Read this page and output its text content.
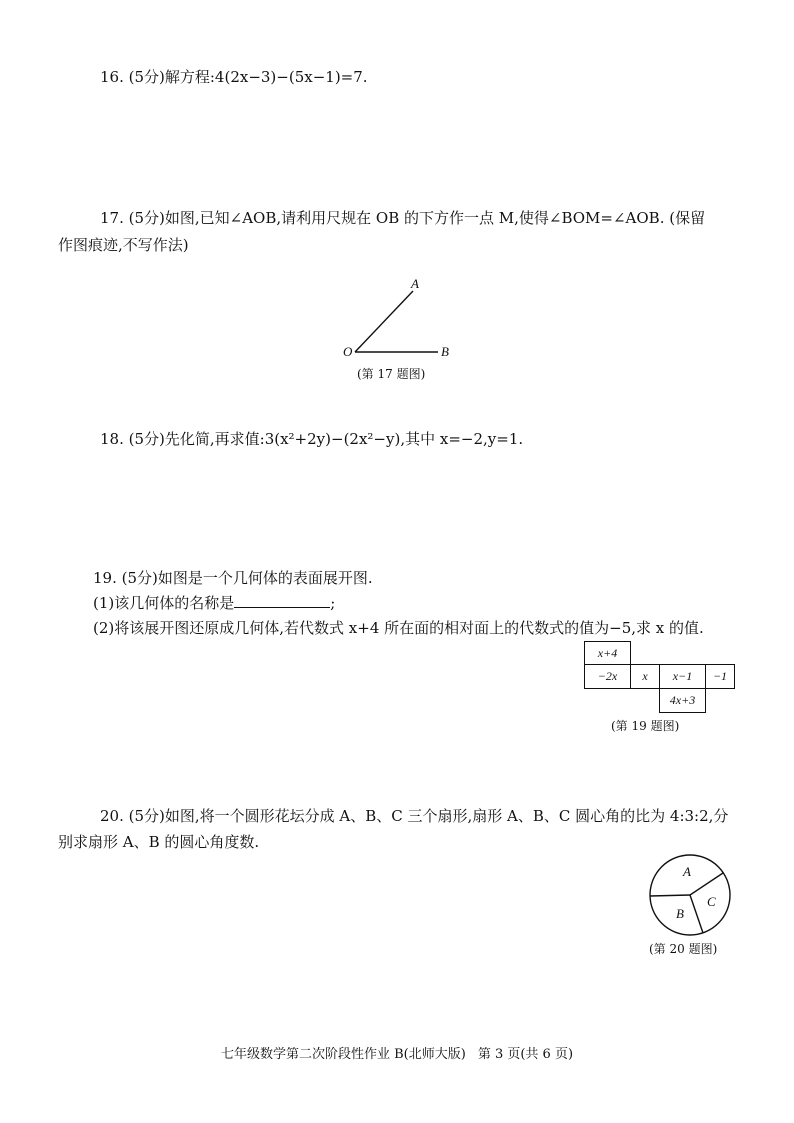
16. (5分)解方程:4(2x−3)−(5x−1)=7.
17. (5分)如图,已知∠AOB,请利用尺规在 OB 的下方作一点 M,使得∠BOM=∠AOB. (保留
作图痕迹,不写作法)
A
O	B
(第 17 题图)
18. (5分)先化简,再求值:3(x²+2y)−(2x²−y),其中 x=−2,y=1.
19. (5分)如图是一个几何体的表面展开图.
(1)该几何体的名称是	;
(2)将该展开图还原成几何体,若代数式 x+4 所在面的相对面上的代数式的值为−5,求 x 的值.
x+4
−2x	x	x−1	−1
4x+3
(第 19 题图)
20. (5分)如图,将一个圆形花坛分成 A、B、C 三个扇形,扇形 A、B、C 圆心角的比为 4:3:2,分
别求扇形 A、B 的圆心角度数.
A
B
C
(第 20 题图)
七年级数学第二次阶段性作业 B(北师大版) 第 3 页(共 6 页)
